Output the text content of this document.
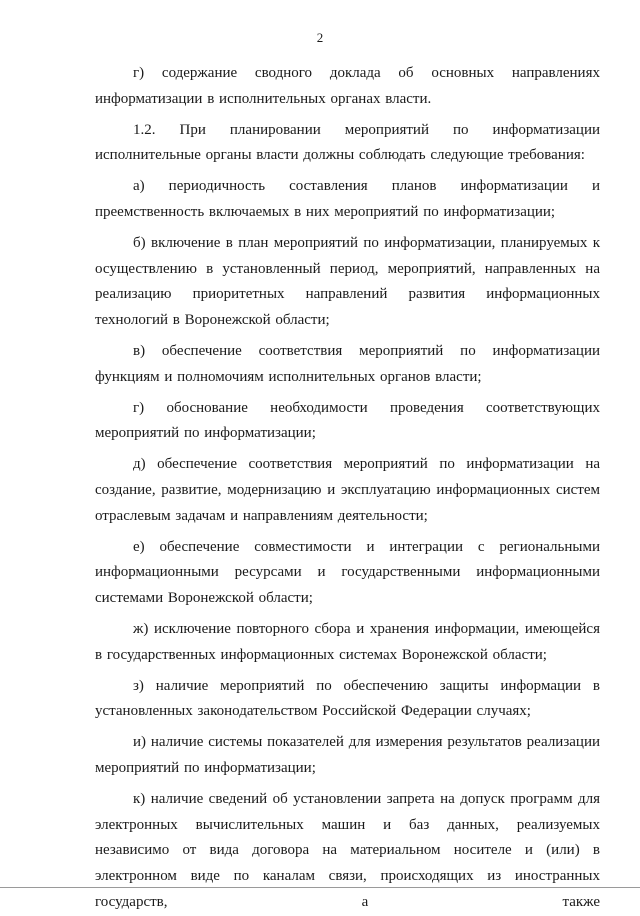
2

г) содержание сводного доклада об основных направлениях информатизации в исполнительных органах власти.

1.2. При планировании мероприятий по информатизации исполнительные органы власти должны соблюдать следующие требования:

а) периодичность составления планов информатизации и преемственность включаемых в них мероприятий по информатизации;

б) включение в план мероприятий по информатизации, планируемых к осуществлению в установленный период, мероприятий, направленных на реализацию приоритетных направлений развития информационных технологий в Воронежской области;

в) обеспечение соответствия мероприятий по информатизации функциям и полномочиям исполнительных органов власти;

г) обоснование необходимости проведения соответствующих мероприятий по информатизации;

д) обеспечение соответствия мероприятий по информатизации на создание, развитие, модернизацию и эксплуатацию информационных систем отраслевым задачам и направлениям деятельности;

е) обеспечение совместимости и интеграции с региональными информационными ресурсами и государственными информационными системами Воронежской области;

ж) исключение повторного сбора и хранения информации, имеющейся в государственных информационных системах Воронежской области;

з) наличие мероприятий по обеспечению защиты информации в установленных законодательством Российской Федерации случаях;

и) наличие системы показателей для измерения результатов реализации мероприятий по информатизации;

к) наличие сведений об установлении запрета на допуск программ для электронных вычислительных машин и баз данных, реализуемых независимо от вида договора на материальном носителе и (или) в электронном виде по каналам связи, происходящих из иностранных государств, а также
